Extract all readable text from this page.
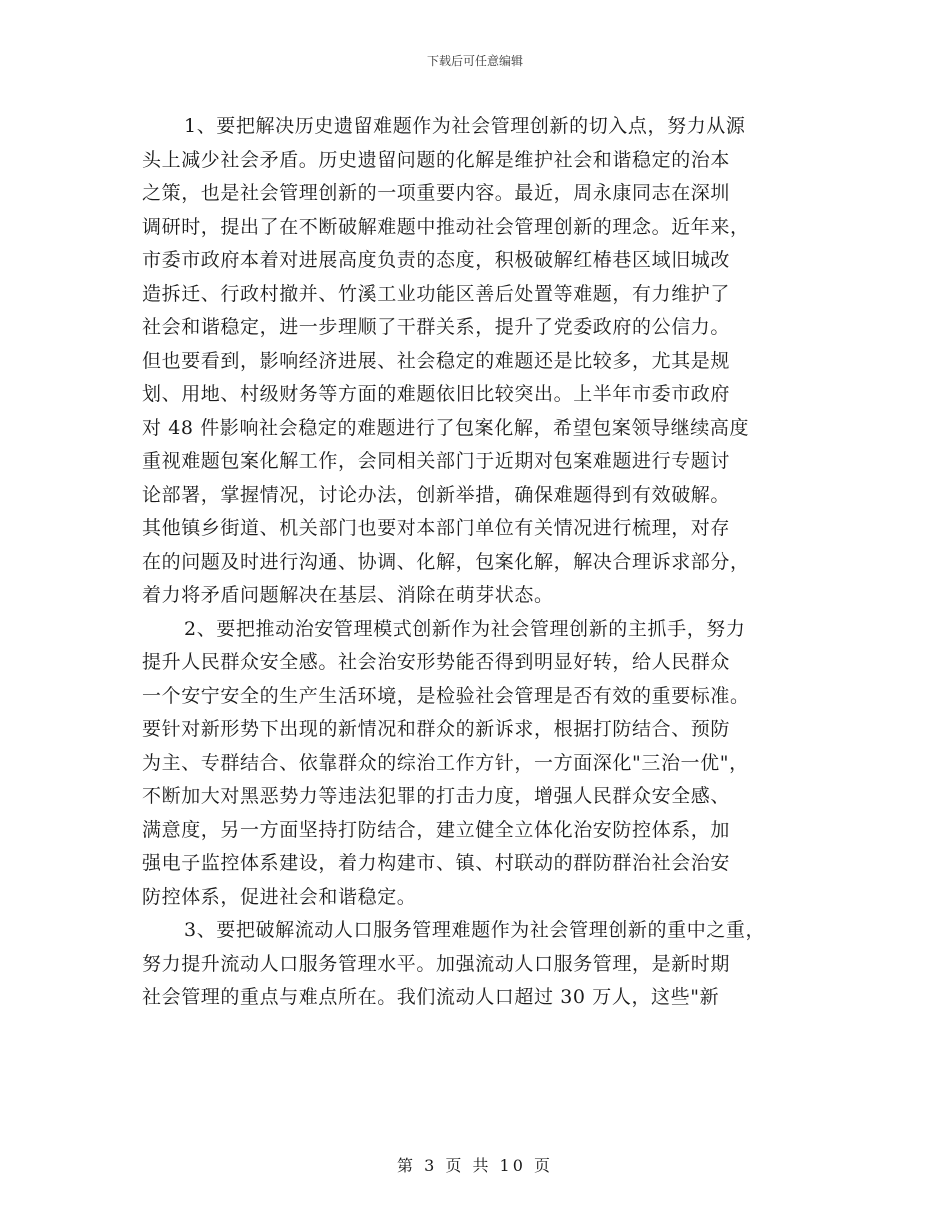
下载后可任意编辑
1、要把解决历史遗留难题作为社会管理创新的切入点，努力从源
头上减少社会矛盾。历史遗留问题的化解是维护社会和谐稳定的治本
之策，也是社会管理创新的一项重要内容。最近，周永康同志在深圳
调研时，提出了在不断破解难题中推动社会管理创新的理念。近年来，
市委市政府本着对进展高度负责的态度，积极破解红椿巷区域旧城改
造拆迁、行政村撤并、竹溪工业功能区善后处置等难题，有力维护了
社会和谐稳定，进一步理顺了干群关系，提升了党委政府的公信力。
但也要看到，影响经济进展、社会稳定的难题还是比较多，尤其是规
划、用地、村级财务等方面的难题依旧比较突出。上半年市委市政府
对 48 件影响社会稳定的难题进行了包案化解，希望包案领导继续高度
重视难题包案化解工作，会同相关部门于近期对包案难题进行专题讨
论部署，掌握情况，讨论办法，创新举措，确保难题得到有效破解。
其他镇乡街道、机关部门也要对本部门单位有关情况进行梳理，对存
在的问题及时进行沟通、协调、化解，包案化解，解决合理诉求部分，
着力将矛盾问题解决在基层、消除在萌芽状态。
2、要把推动治安管理模式创新作为社会管理创新的主抓手，努力
提升人民群众安全感。社会治安形势能否得到明显好转，给人民群众
一个安宁安全的生产生活环境，是检验社会管理是否有效的重要标准。
要针对新形势下出现的新情况和群众的新诉求，根据打防结合、预防
为主、专群结合、依靠群众的综治工作方针，一方面深化"三治一优"，
不断加大对黑恶势力等违法犯罪的打击力度，增强人民群众安全感、
满意度，另一方面坚持打防结合，建立健全立体化治安防控体系，加
强电子监控体系建设，着力构建市、镇、村联动的群防群治社会治安
防控体系，促进社会和谐稳定。
3、要把破解流动人口服务管理难题作为社会管理创新的重中之重，
努力提升流动人口服务管理水平。加强流动人口服务管理，是新时期
社会管理的重点与难点所在。我们流动人口超过 30 万人，这些"新
第 3 页 共 10 页
